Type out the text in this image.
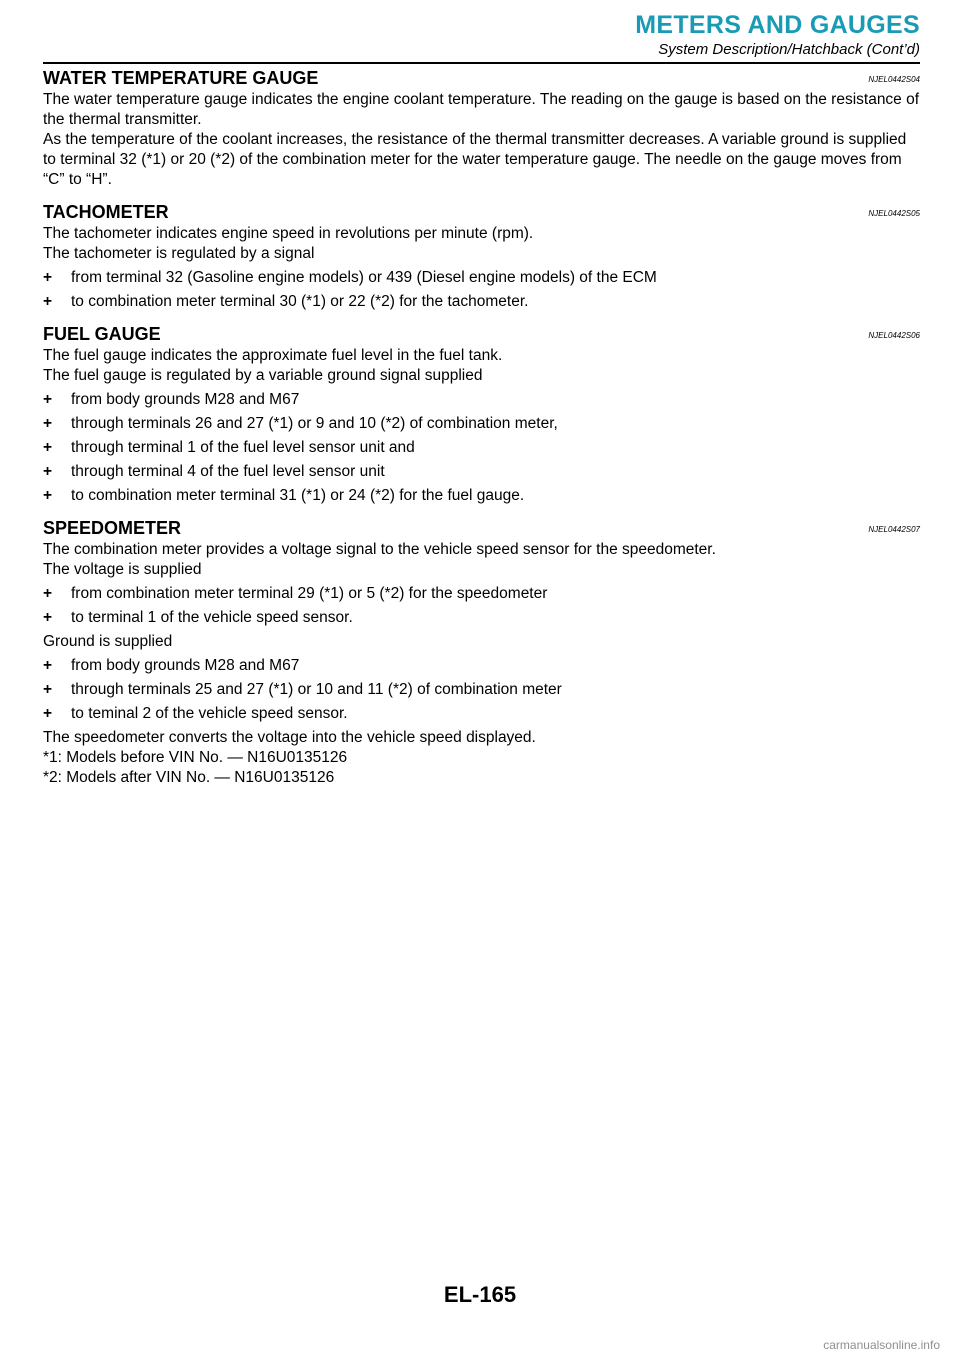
METERS AND GAUGES
System Description/Hatchback (Cont’d)
WATER TEMPERATURE GAUGE	NJEL0442S04

The water temperature gauge indicates the engine coolant temperature. The reading on the gauge is based on the resistance of the thermal transmitter.

As the temperature of the coolant increases, the resistance of the thermal transmitter decreases. A variable ground is supplied to terminal 32 (*1) or 20 (*2) of the combination meter for the water temperature gauge. The needle on the gauge moves from “C” to “H”.

TACHOMETER	NJEL0442S05

The tachometer indicates engine speed in revolutions per minute (rpm).

The tachometer is regulated by a signal

+	from terminal 32 (Gasoline engine models) or 439 (Diesel engine models) of the ECM
+	to combination meter terminal 30 (*1) or 22 (*2) for the tachometer.
FUEL GAUGE	NJEL0442S06

The fuel gauge indicates the approximate fuel level in the fuel tank.

The fuel gauge is regulated by a variable ground signal supplied

+	from body grounds M28 and M67
+	through terminals 26 and 27 (*1) or 9 and 10 (*2) of combination meter,
+	through terminal 1 of the fuel level sensor unit and
+	through terminal 4 of the fuel level sensor unit
+	to combination meter terminal 31 (*1) or 24 (*2) for the fuel gauge.
SPEEDOMETER	NJEL0442S07

The combination meter provides a voltage signal to the vehicle speed sensor for the speedometer.

The voltage is supplied

+	from combination meter terminal 29 (*1) or 5 (*2) for the speedometer
+	to terminal 1 of the vehicle speed sensor.

Ground is supplied

+	from body grounds M28 and M67
+	through terminals 25 and 27 (*1) or 10 and 11 (*2) of combination meter
+	to teminal 2 of the vehicle speed sensor.

The speedometer converts the voltage into the vehicle speed displayed.

*1: Models before VIN No. — N16U0135126
*2: Models after VIN No. — N16U0135126
EL-165
carmanualsonline.info
